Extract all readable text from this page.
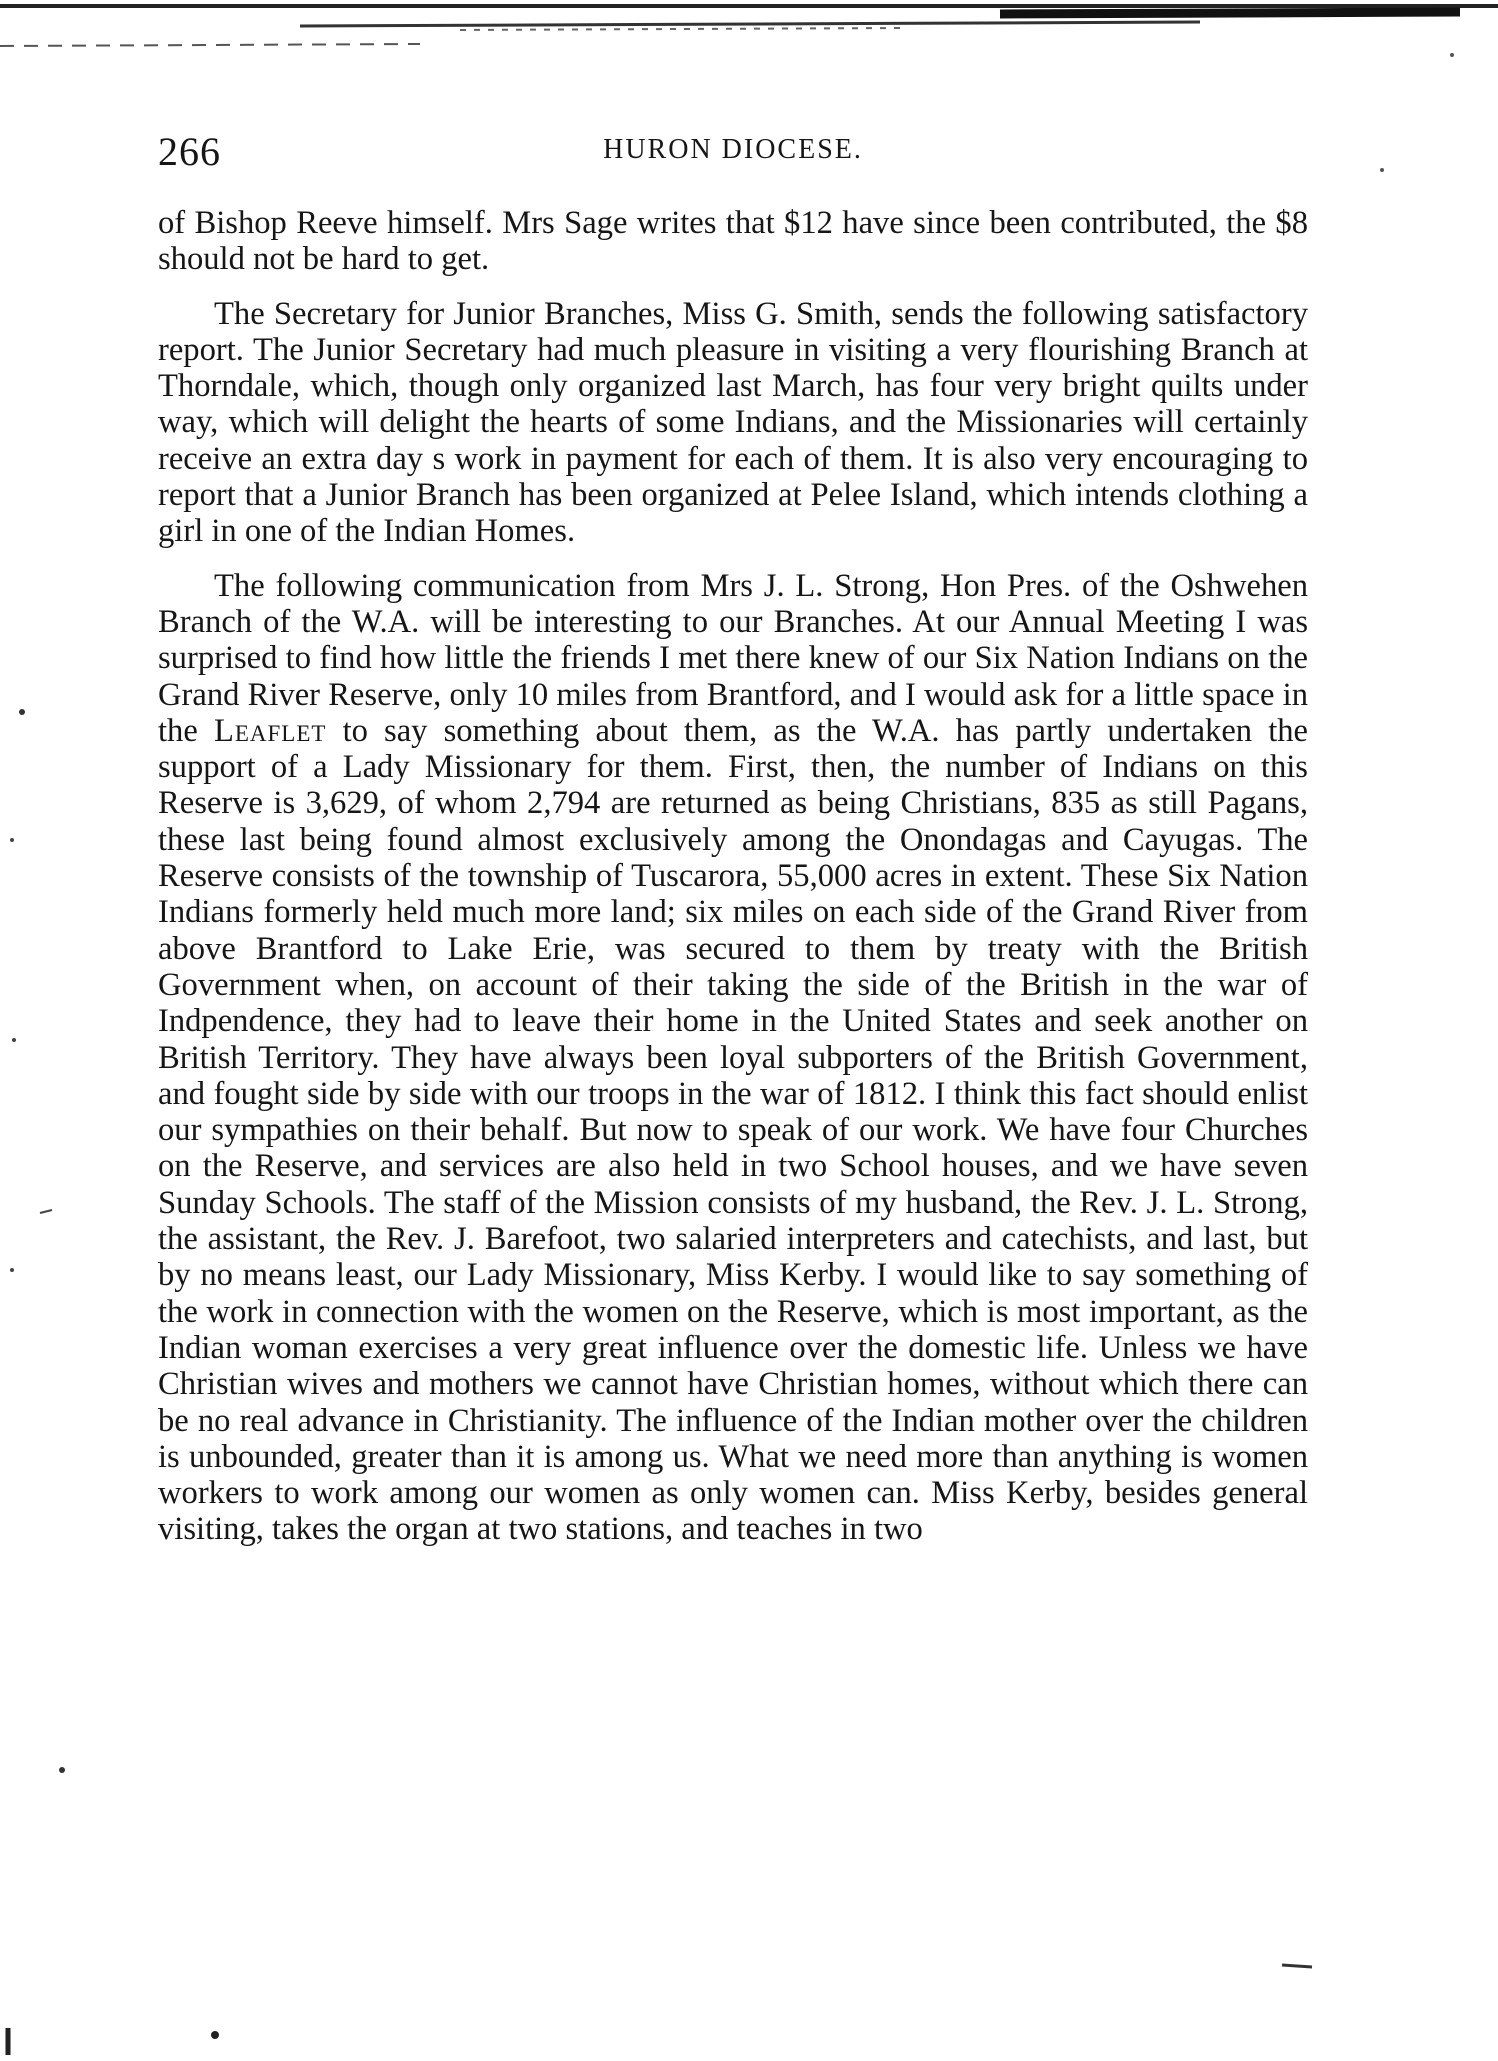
266	HURON DIOCESE.

of Bishop Reeve himself. Mrs Sage writes that $12 have since been contributed, the $8 should not be hard to get.

The Secretary for Junior Branches, Miss G. Smith, sends the following satisfactory report. The Junior Secretary had much pleasure in visiting a very flourishing Branch at Thorndale, which, though only organized last March, has four very bright quilts under way, which will delight the hearts of some Indians, and the Missionaries will certainly receive an extra day s work in payment for each of them. It is also very encouraging to report that a Junior Branch has been organized at Pelee Island, which intends clothing a girl in one of the Indian Homes.

The following communication from Mrs J. L. Strong, Hon Pres. of the Oshwehen Branch of the W.A. will be interesting to our Branches. At our Annual Meeting I was surprised to find how little the friends I met there knew of our Six Nation Indians on the Grand River Reserve, only 10 miles from Brantford, and I would ask for a little space in the Leaflet to say something about them, as the W.A. has partly undertaken the support of a Lady Missionary for them. First, then, the number of Indians on this Reserve is 3,629, of whom 2,794 are returned as being Christians, 835 as still Pagans, these last being found almost exclusively among the Onondagas and Cayugas. The Reserve consists of the township of Tuscarora, 55,000 acres in extent. These Six Nation Indians formerly held much more land; six miles on each side of the Grand River from above Brantford to Lake Erie, was secured to them by treaty with the British Government when, on account of their taking the side of the British in the war of Indpendence, they had to leave their home in the United States and seek another on British Territory. They have always been loyal subporters of the British Government, and fought side by side with our troops in the war of 1812. I think this fact should enlist our sympathies on their behalf. But now to speak of our work. We have four Churches on the Reserve, and services are also held in two School houses, and we have seven Sunday Schools. The staff of the Mission consists of my husband, the Rev. J. L. Strong, the assistant, the Rev. J. Barefoot, two salaried interpreters and catechists, and last, but by no means least, our Lady Missionary, Miss Kerby. I would like to say something of the work in connection with the women on the Reserve, which is most important, as the Indian woman exercises a very great influence over the domestic life. Unless we have Christian wives and mothers we cannot have Christian homes, without which there can be no real advance in Christianity. The influence of the Indian mother over the children is unbounded, greater than it is among us. What we need more than anything is women workers to work among our women as only women can. Miss Kerby, besides general visiting, takes the organ at two stations, and teaches in two
